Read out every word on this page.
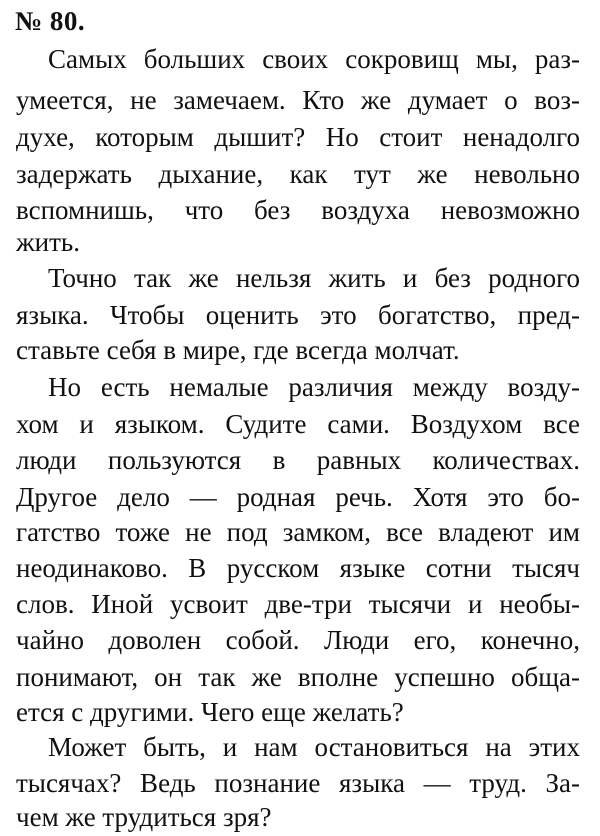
№ 80.
Самых больших своих сокровищ мы, раз-
умеется, не замечаем. Кто же думает о воз-
духе, которым дышит? Но стоит ненадолго
задержать дыхание, как тут же невольно
вспомнишь, что без воздуха невозможно
жить.
Точно так же нельзя жить и без родного
языка. Чтобы оценить это богатство, пред-
ставьте себя в мире, где всегда молчат.
Но есть немалые различия между возду-
хом и языком. Судите сами. Воздухом все
люди пользуются в равных количествах.
Другое дело — родная речь. Хотя это бо-
гатство тоже не под замком, все владеют им
неодинаково. В русском языке сотни тысяч
слов. Иной усвоит две-три тысячи и необы-
чайно доволен собой. Люди его, конечно,
понимают, он так же вполне успешно обща-
ется с другими. Чего еще желать?
Может быть, и нам остановиться на этих
тысячах? Ведь познание языка — труд. За-
чем же трудиться зря?
